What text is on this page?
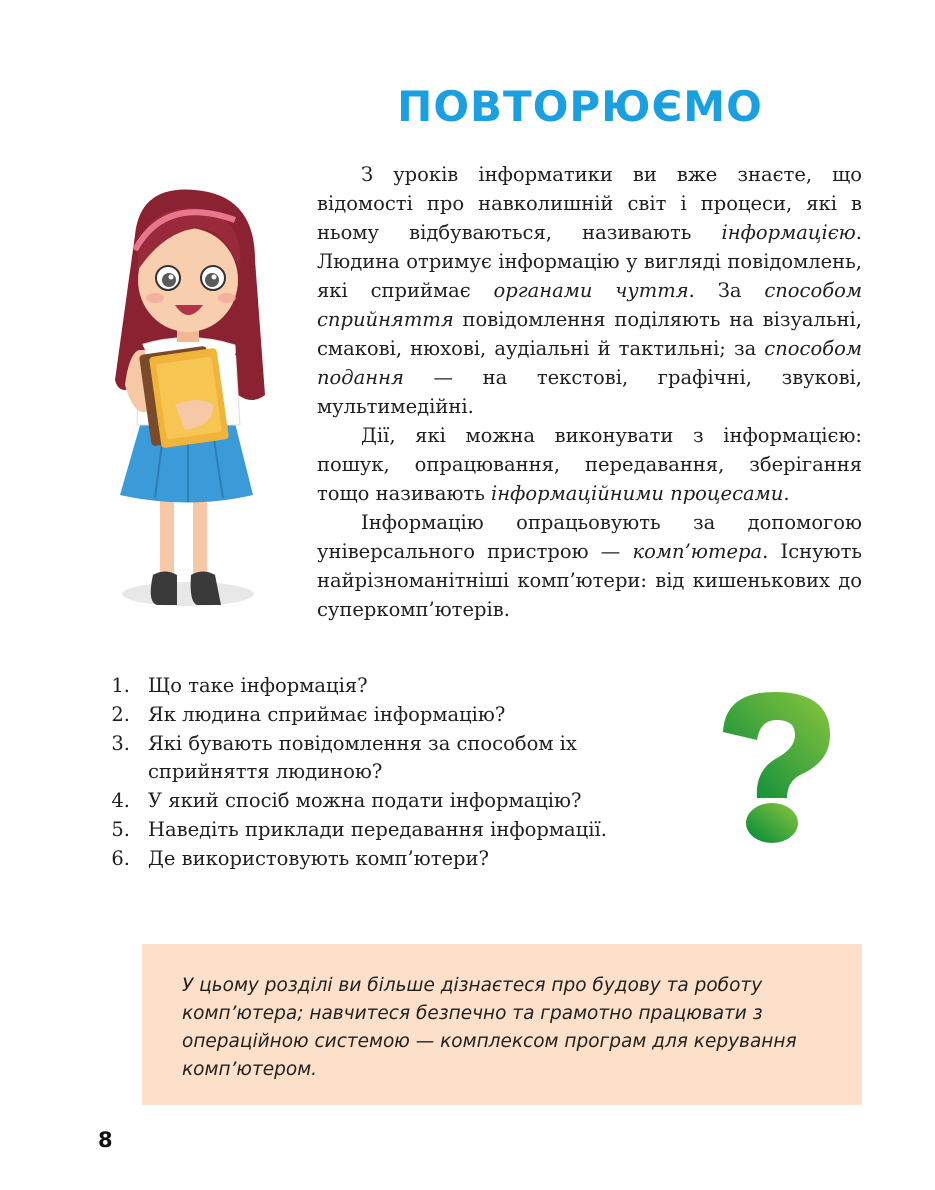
ПОВТОРЮЄМО

З уроків інформатики ви вже знаєте, що відомості про навколишній світ і процеси, які в ньому відбуваються, називають інформацією. Людина отримує інформацію у вигляді повідомлень, які сприймає органами чуття. За способом сприйняття повідомлення поділяють на візуальні, смакові, нюхові, аудіальні й тактильні; за способом подання — на текстові, графічні, звукові, мультимедійні.

Дії, які можна виконувати з інформацією: пошук, опрацювання, передавання, зберігання тощо називають інформаційними процесами.

Інформацію опрацьовують за допомогою універсального пристрою — комп’ютера. Існують найрізноманітніші комп’ютери: від кишенькових до суперкомп’ютерів.

1. Що таке інформація?
2. Як людина сприймає інформацію?
3. Які бувають повідомлення за способом іх сприйняття людиною?
4. У який спосіб можна подати інформацію?
5. Наведіть приклади передавання інформації.
6. Де використовують комп’ютери?
У цьому розділі ви більше дізнаєтеся про будову та роботу комп’ютера; навчитеся безпечно та грамотно працювати з операційною системою — комплексом програм для керування комп’ютером.
8
